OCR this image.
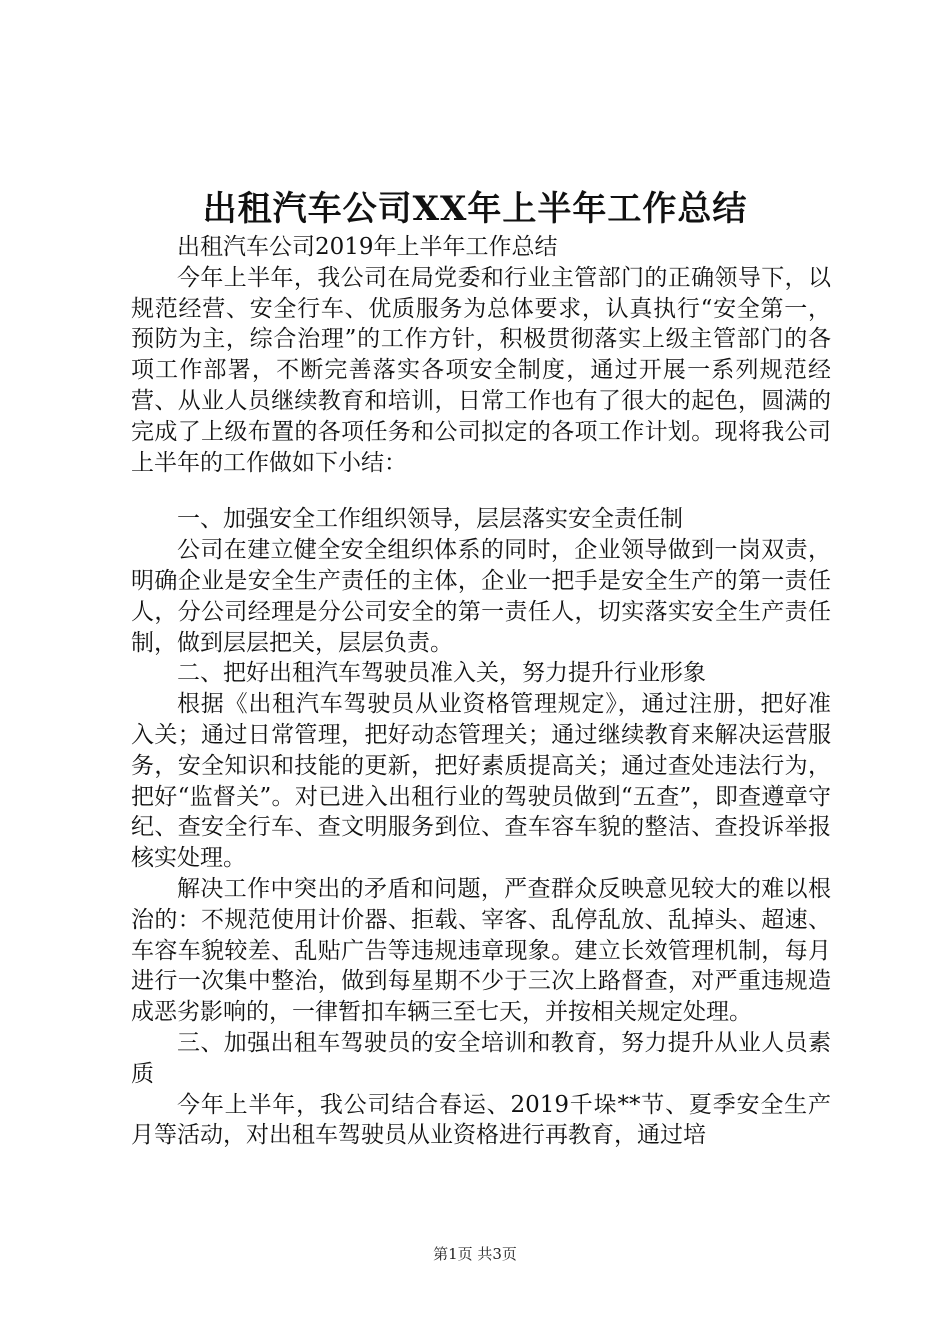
出租汽车公司XX年上半年工作总结

出租汽车公司2019年上半年工作总结

今年上半年，我公司在局党委和行业主管部门的正确领导下，以规范经营、安全行车、优质服务为总体要求，认真执行“安全第一，预防为主，综合治理”的工作方针，积极贯彻落实上级主管部门的各项工作部署，不断完善落实各项安全制度，通过开展一系列规范经营、从业人员继续教育和培训，日常工作也有了很大的起色，圆满的完成了上级布置的各项任务和公司拟定的各项工作计划。现将我公司上半年的工作做如下小结：

一、加强安全工作组织领导，层层落实安全责任制

公司在建立健全安全组织体系的同时，企业领导做到一岗双责，明确企业是安全生产责任的主体，企业一把手是安全生产的第一责任人，分公司经理是分公司安全的第一责任人，切实落实安全生产责任制，做到层层把关，层层负责。

二、把好出租汽车驾驶员准入关，努力提升行业形象

根据《出租汽车驾驶员从业资格管理规定》，通过注册，把好准入关；通过日常管理，把好动态管理关；通过继续教育来解决运营服务，安全知识和技能的更新，把好素质提高关；通过查处违法行为，把好“监督关”。对已进入出租行业的驾驶员做到“五查”，即查遵章守纪、查安全行车、查文明服务到位、查车容车貌的整洁、查投诉举报核实处理。

解决工作中突出的矛盾和问题，严查群众反映意见较大的难以根治的：不规范使用计价器、拒载、宰客、乱停乱放、乱掉头、超速、车容车貌较差、乱贴广告等违规违章现象。建立长效管理机制，每月进行一次集中整治，做到每星期不少于三次上路督查，对严重违规造成恶劣影响的，一律暂扣车辆三至七天，并按相关规定处理。

三、加强出租车驾驶员的安全培训和教育，努力提升从业人员素质

今年上半年，我公司结合春运、2019千垛**节、夏季安全生产月等活动，对出租车驾驶员从业资格进行再教育，通过培

第1页 共3页
